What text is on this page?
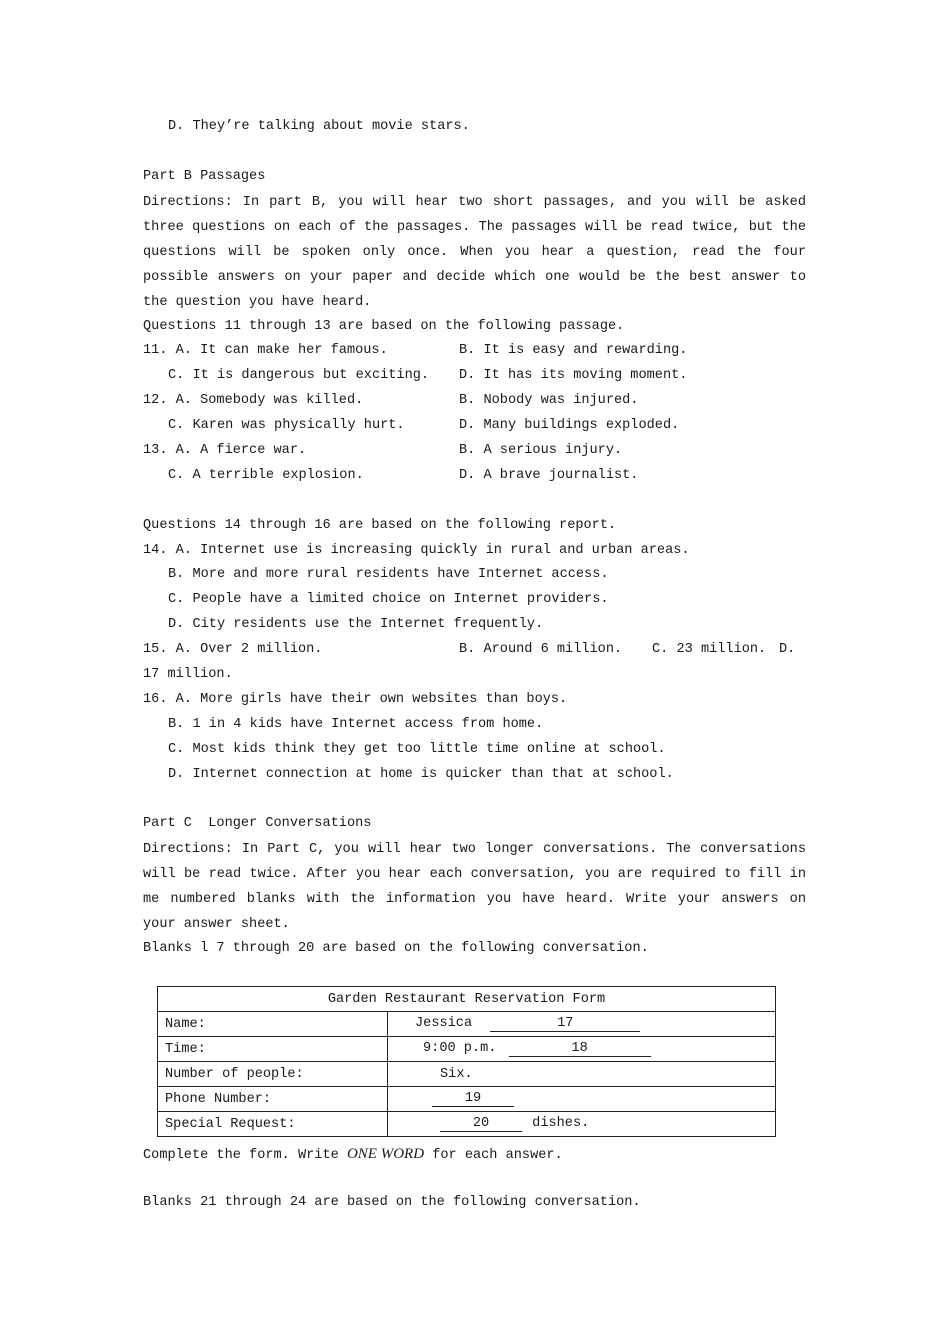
D. They’re talking about movie stars.
Part B Passages
Directions: In part B, you will hear two short passages, and you will be asked three questions on each of the passages. The passages will be read twice, but the questions will be spoken only once. When you hear a question, read the four possible answers on your paper and decide which one would be the best answer to the question you have heard.
Questions 11 through 13 are based on the following passage.
11. A. It can make her famous.	B. It is easy and rewarding.
C. It is dangerous but exciting. D. It has its moving moment.
12. A. Somebody was killed.	B. Nobody was injured.
C. Karen was physically hurt.	D. Many buildings exploded.
13. A. A fierce war.	B. A serious injury.
C. A terrible explosion.	D. A brave journalist.
Questions 14 through 16 are based on the following report.
14. A. Internet use is increasing quickly in rural and urban areas.
B. More and more rural residents have Internet access.
C. People have a limited choice on Internet providers.
D. City residents use the Internet frequently.
15. A. Over 2 million.	B. Around 6 million. C. 23 million. D.
17 million.
16. A. More girls have their own websites than boys.
B. 1 in 4 kids have Internet access from home.
C. Most kids think they get too little time online at school.
D. Internet connection at home is quicker than that at school.
Part C  Longer Conversations
Directions: In Part C, you will hear two longer conversations. The conversations will be read twice. After you hear each conversation, you are required to fill in me numbered blanks with the information you have heard. Write your answers on your answer sheet.
Blanks l 7 through 20 are based on the following conversation.
Garden Restaurant Reservation Form	
Name:	Jessica 17
Time:	9:00 p.m. 18
Number of people:	Six.
Phone Number:	19
Special Request:	20 dishes.
Complete the form. Write ONE WORD for each answer.
Blanks 21 through 24 are based on the following conversation.
